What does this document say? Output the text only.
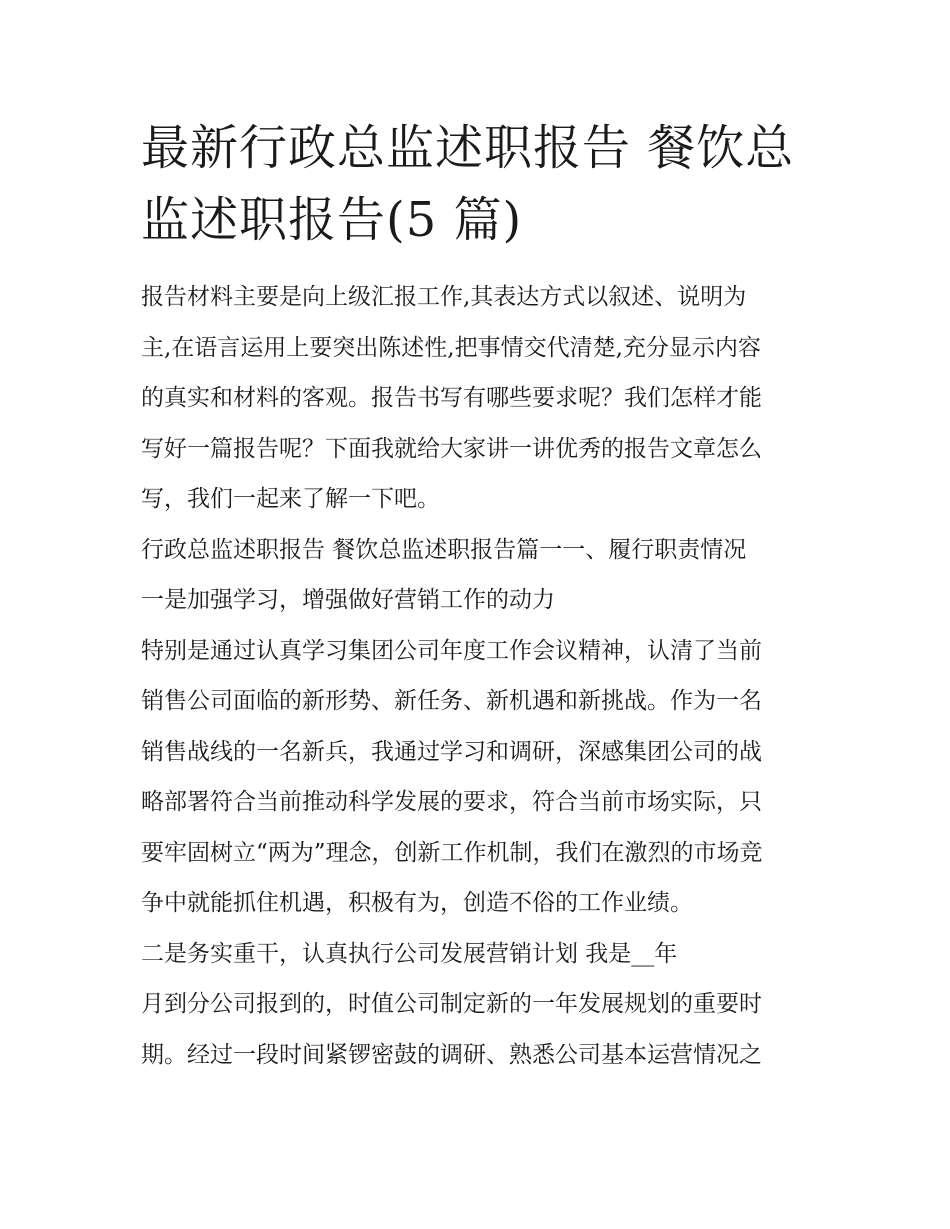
最新行政总监述职报告 餐饮总
监述职报告(5 篇)
报告材料主要是向上级汇报工作,其表达方式以叙述、说明为
主,在语言运用上要突出陈述性,把事情交代清楚,充分显示内容
的真实和材料的客观。报告书写有哪些要求呢？我们怎样才能
写好一篇报告呢？下面我就给大家讲一讲优秀的报告文章怎么
写，我们一起来了解一下吧。
行政总监述职报告 餐饮总监述职报告篇一一、履行职责情况
一是加强学习，增强做好营销工作的动力
特别是通过认真学习集团公司年度工作会议精神，认清了当前
销售公司面临的新形势、新任务、新机遇和新挑战。作为一名
销售战线的一名新兵，我通过学习和调研，深感集团公司的战
略部署符合当前推动科学发展的要求，符合当前市场实际，只
要牢固树立“两为”理念，创新工作机制，我们在激烈的市场竞
争中就能抓住机遇，积极有为，创造不俗的工作业绩。
二是务实重干，认真执行公司发展营销计划 我是__年
月到分公司报到的，时值公司制定新的一年发展规划的重要时
期。经过一段时间紧锣密鼓的调研、熟悉公司基本运营情况之
